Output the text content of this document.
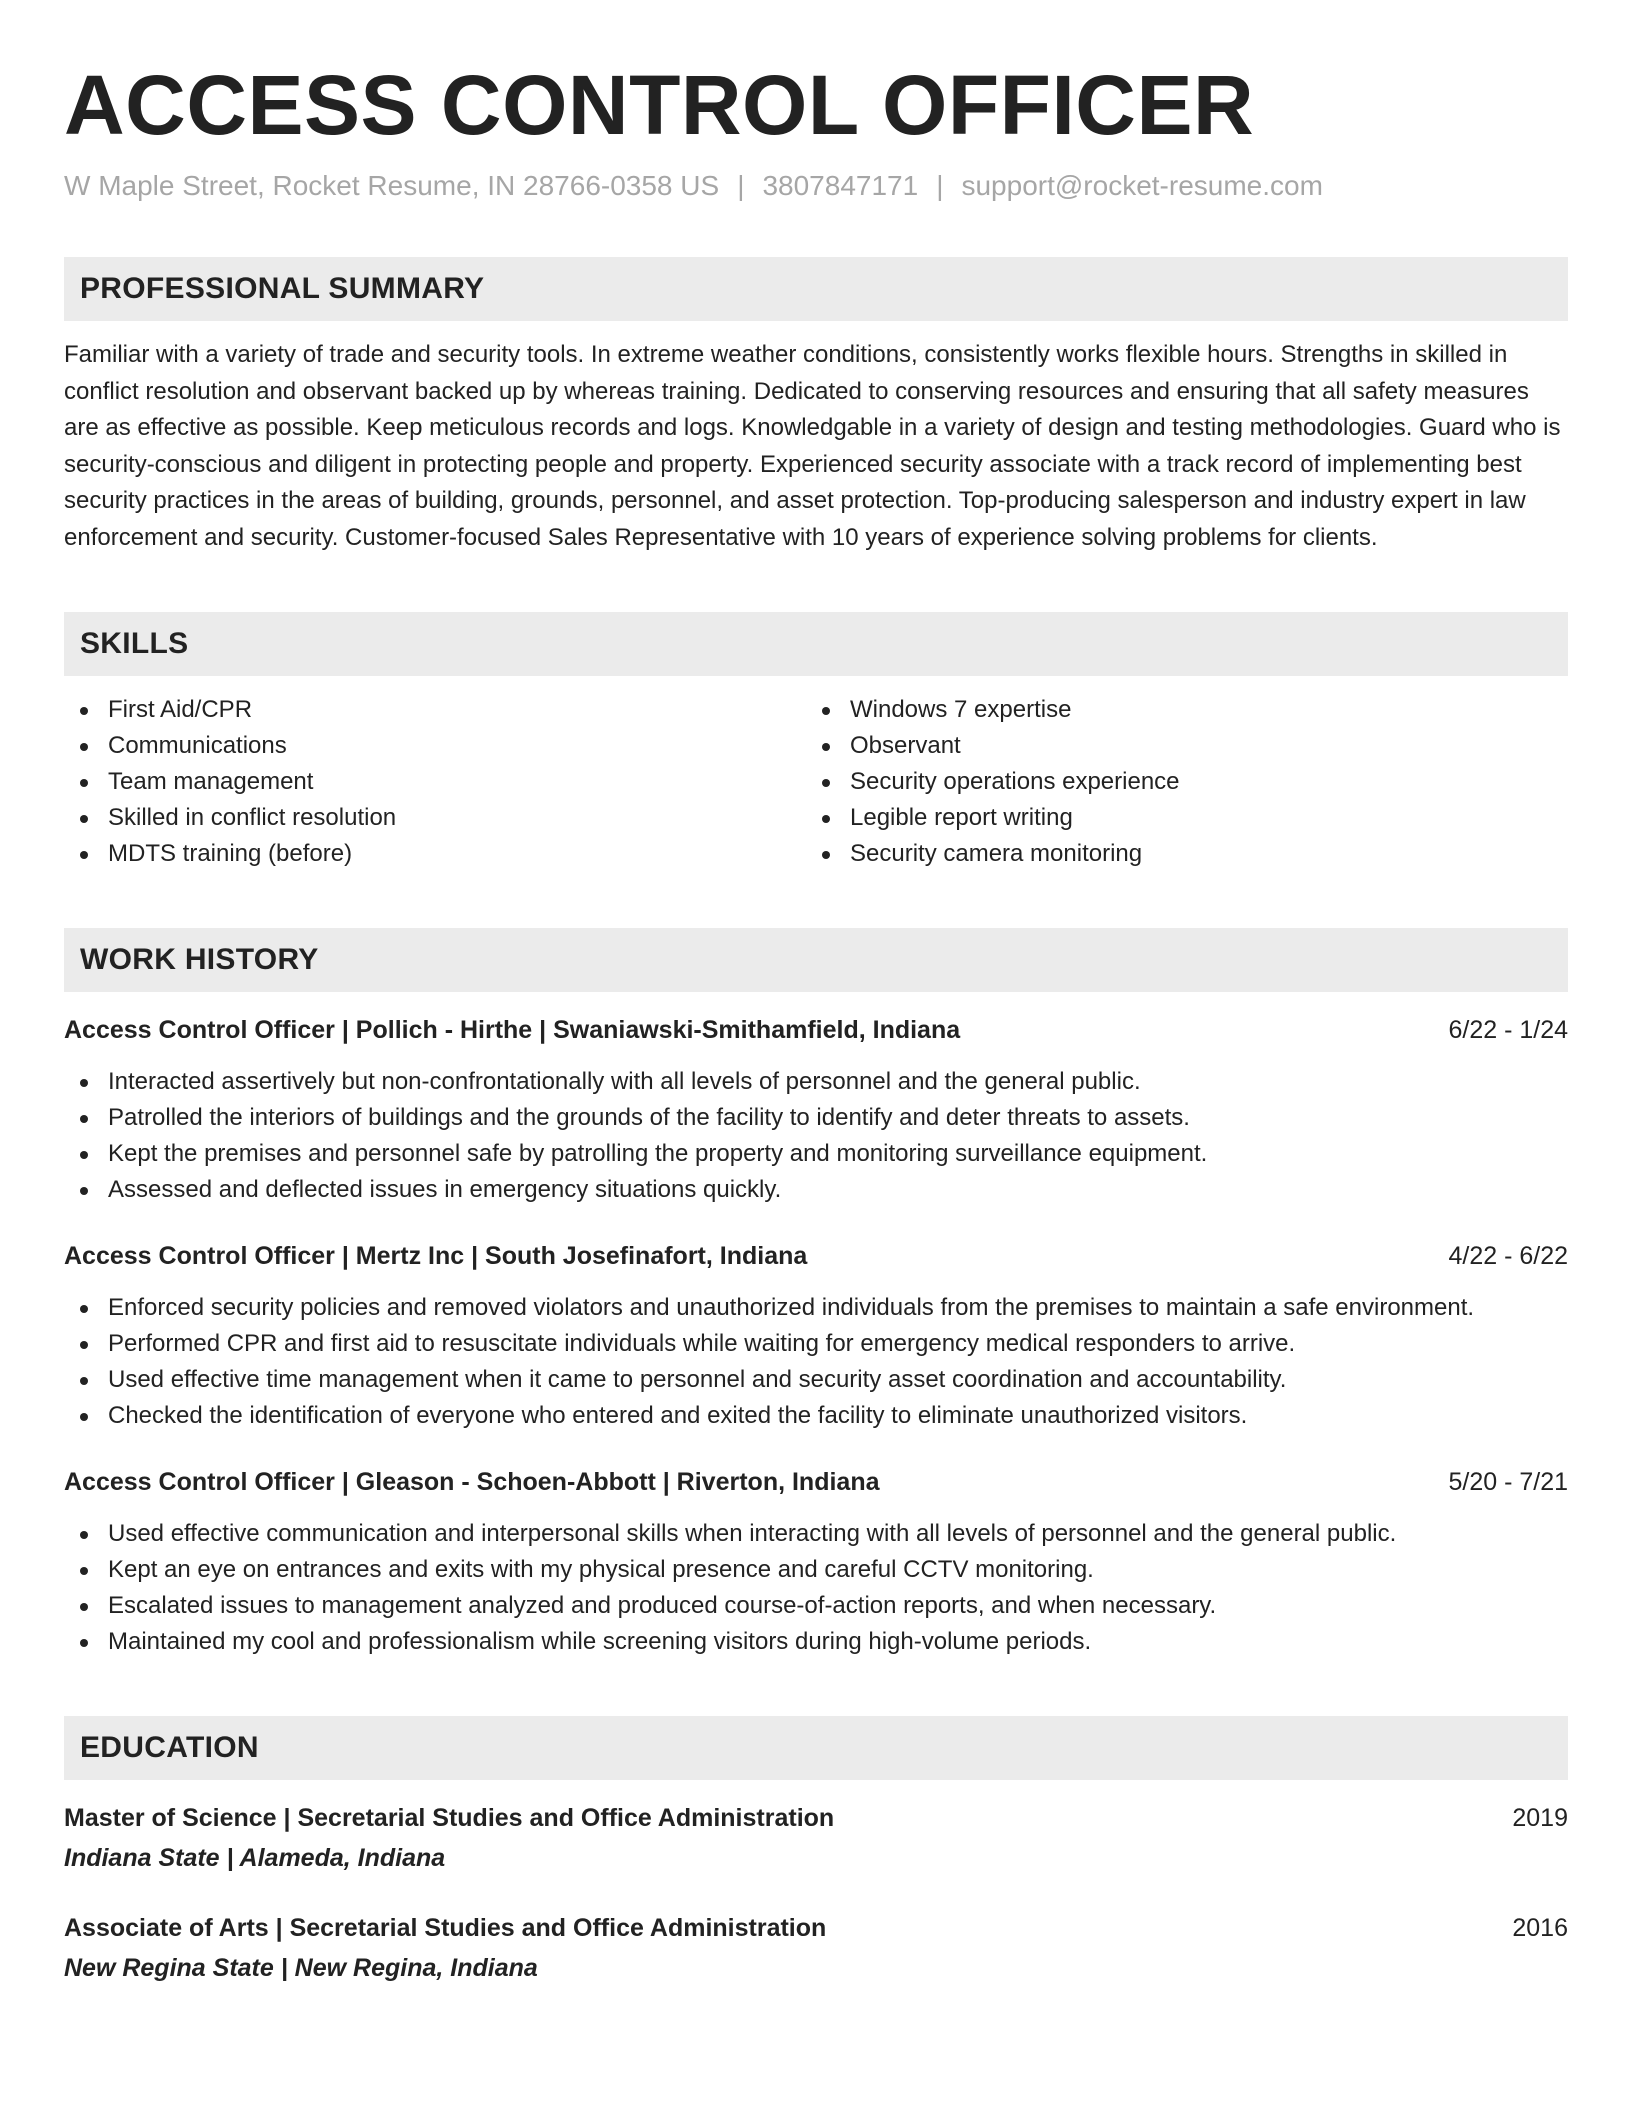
ACCESS CONTROL OFFICER
W Maple Street, Rocket Resume, IN 28766-0358 US | 3807847171 | support@rocket-resume.com
PROFESSIONAL SUMMARY

Familiar with a variety of trade and security tools. In extreme weather conditions, consistently works flexible hours. Strengths in skilled in conflict resolution and observant backed up by whereas training. Dedicated to conserving resources and ensuring that all safety measures are as effective as possible. Keep meticulous records and logs. Knowledgable in a variety of design and testing methodologies. Guard who is security-conscious and diligent in protecting people and property. Experienced security associate with a track record of implementing best security practices in the areas of building, grounds, personnel, and asset protection. Top-producing salesperson and industry expert in law enforcement and security. Customer-focused Sales Representative with 10 years of experience solving problems for clients.

SKILLS
First Aid/CPR
Communications
Team management
Skilled in conflict resolution
MDTS training (before)
Windows 7 expertise
Observant
Security operations experience
Legible report writing
Security camera monitoring
WORK HISTORY
Access Control Officer | Pollich - Hirthe | Swaniawski-Smithamfield, Indiana	6/22 - 1/24
Interacted assertively but non-confrontationally with all levels of personnel and the general public.
Patrolled the interiors of buildings and the grounds of the facility to identify and deter threats to assets.
Kept the premises and personnel safe by patrolling the property and monitoring surveillance equipment.
Assessed and deflected issues in emergency situations quickly.
Access Control Officer | Mertz Inc | South Josefinafort, Indiana	4/22 - 6/22
Enforced security policies and removed violators and unauthorized individuals from the premises to maintain a safe environment.
Performed CPR and first aid to resuscitate individuals while waiting for emergency medical responders to arrive.
Used effective time management when it came to personnel and security asset coordination and accountability.
Checked the identification of everyone who entered and exited the facility to eliminate unauthorized visitors.
Access Control Officer | Gleason - Schoen-Abbott | Riverton, Indiana	5/20 - 7/21
Used effective communication and interpersonal skills when interacting with all levels of personnel and the general public.
Kept an eye on entrances and exits with my physical presence and careful CCTV monitoring.
Escalated issues to management analyzed and produced course-of-action reports, and when necessary.
Maintained my cool and professionalism while screening visitors during high-volume periods.
EDUCATION
Master of Science | Secretarial Studies and Office Administration	2019
Indiana State | Alameda, Indiana
Associate of Arts | Secretarial Studies and Office Administration	2016
New Regina State | New Regina, Indiana
